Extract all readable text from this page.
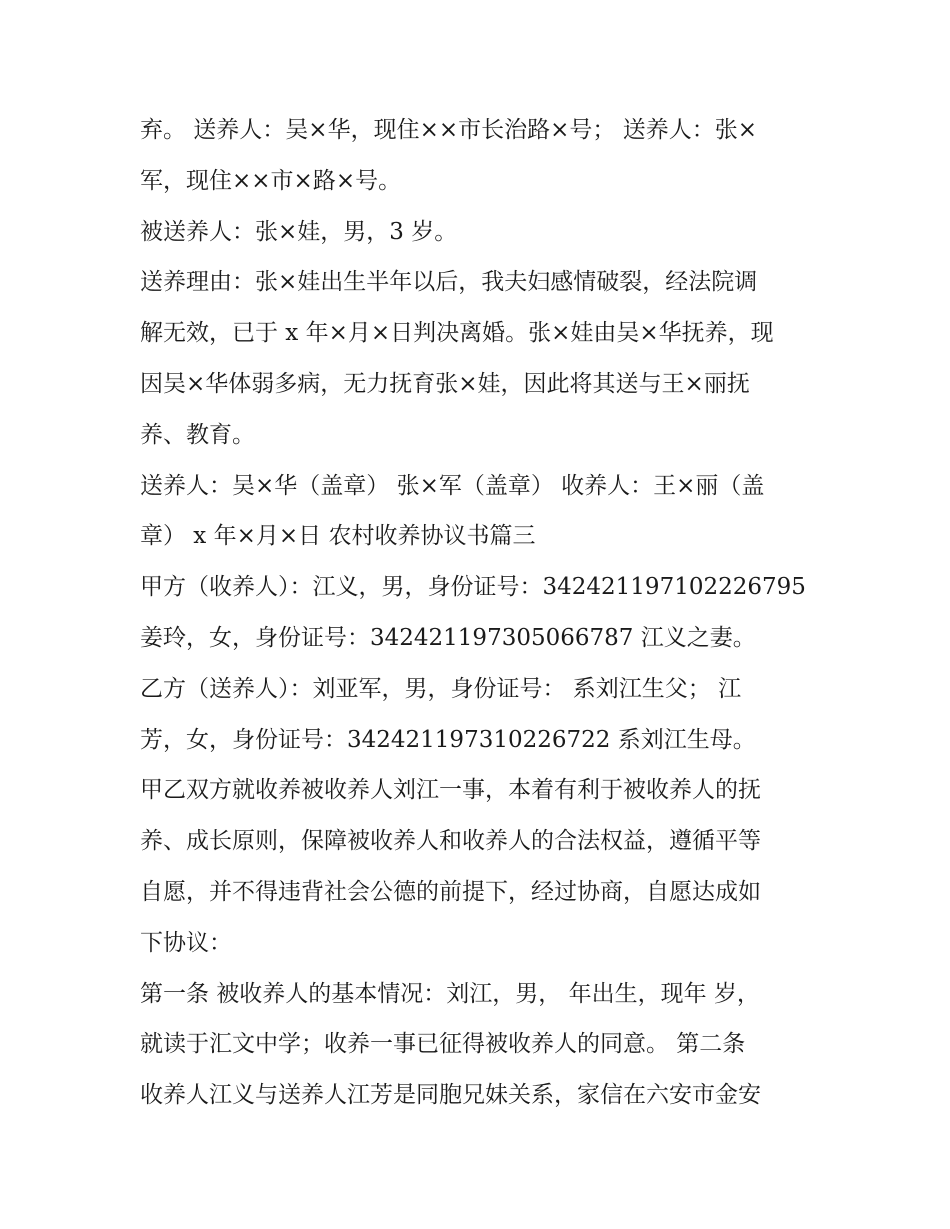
弃。 送养人：吴×华，现住××市长治路×号； 送养人：张×
军，现住××市×路×号。
被送养人：张×娃，男，3 岁。
送养理由：张×娃出生半年以后，我夫妇感情破裂，经法院调
解无效，已于 x 年×月×日判决离婚。张×娃由吴×华抚养，现
因吴×华体弱多病，无力抚育张×娃，因此将其送与王×丽抚
养、教育。
送养人：吴×华（盖章） 张×军（盖章） 收养人：王×丽（盖
章） x 年×月×日 农村收养协议书篇三
甲方（收养人）：江义，男，身份证号：342421197102226795
姜玲，女，身份证号：342421197305066787 江义之妻。
乙方（送养人）：刘亚军，男，身份证号： 系刘江生父； 江
芳，女，身份证号：342421197310226722 系刘江生母。
甲乙双方就收养被收养人刘江一事，本着有利于被收养人的抚
养、成长原则，保障被收养人和收养人的合法权益，遵循平等
自愿，并不得违背社会公德的前提下，经过协商，自愿达成如
下协议：
第一条 被收养人的基本情况：刘江，男， 年出生，现年 岁，
就读于汇文中学；收养一事已征得被收养人的同意。 第二条
收养人江义与送养人江芳是同胞兄妹关系，家信在六安市金安
